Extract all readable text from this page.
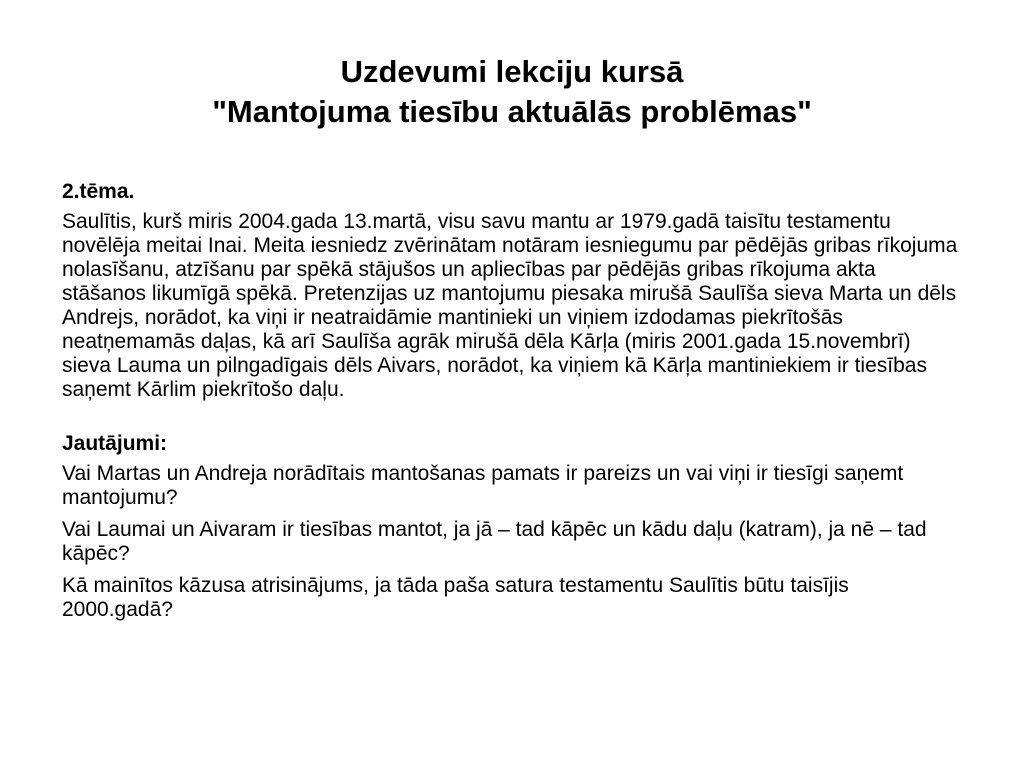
Uzdevumi lekciju kursā
"Mantojuma tiesību aktuālās problēmas"
2.tēma.

Saulītis, kurš miris 2004.gada 13.martā, visu savu mantu ar 1979.gadā taisītu testamentu novēlēja meitai Inai. Meita iesniedz zvērinātam notāram iesniegumu par pēdējās gribas rīkojuma nolasīšanu, atzīšanu par spēkā stājušos un apliecības par pēdējās gribas rīkojuma akta stāšanos likumīgā spēkā. Pretenzijas uz mantojumu piesaka mirušā Saulīša sieva Marta un dēls Andrejs, norādot, ka viņi ir neatraidāmie mantinieki un viņiem izdodamas piekrītošās neatņemamās daļas, kā arī Saulīša agrāk mirušā dēla Kārļa (miris 2001.gada 15.novembrī) sieva Lauma un pilngadīgais dēls Aivars, norādot, ka viņiem kā Kārļa mantiniekiem ir tiesības saņemt Kārlim piekrītošo daļu.

Jautājumi:

Vai Martas un Andreja norādītais mantošanas pamats ir pareizs un vai viņi ir tiesīgi saņemt mantojumu?

Vai Laumai un Aivaram ir tiesības mantot, ja jā – tad kāpēc un kādu daļu (katram), ja nē – tad kāpēc?

Kā mainītos kāzusa atrisinājums, ja tāda paša satura testamentu Saulītis būtu taisījis 2000.gadā?
